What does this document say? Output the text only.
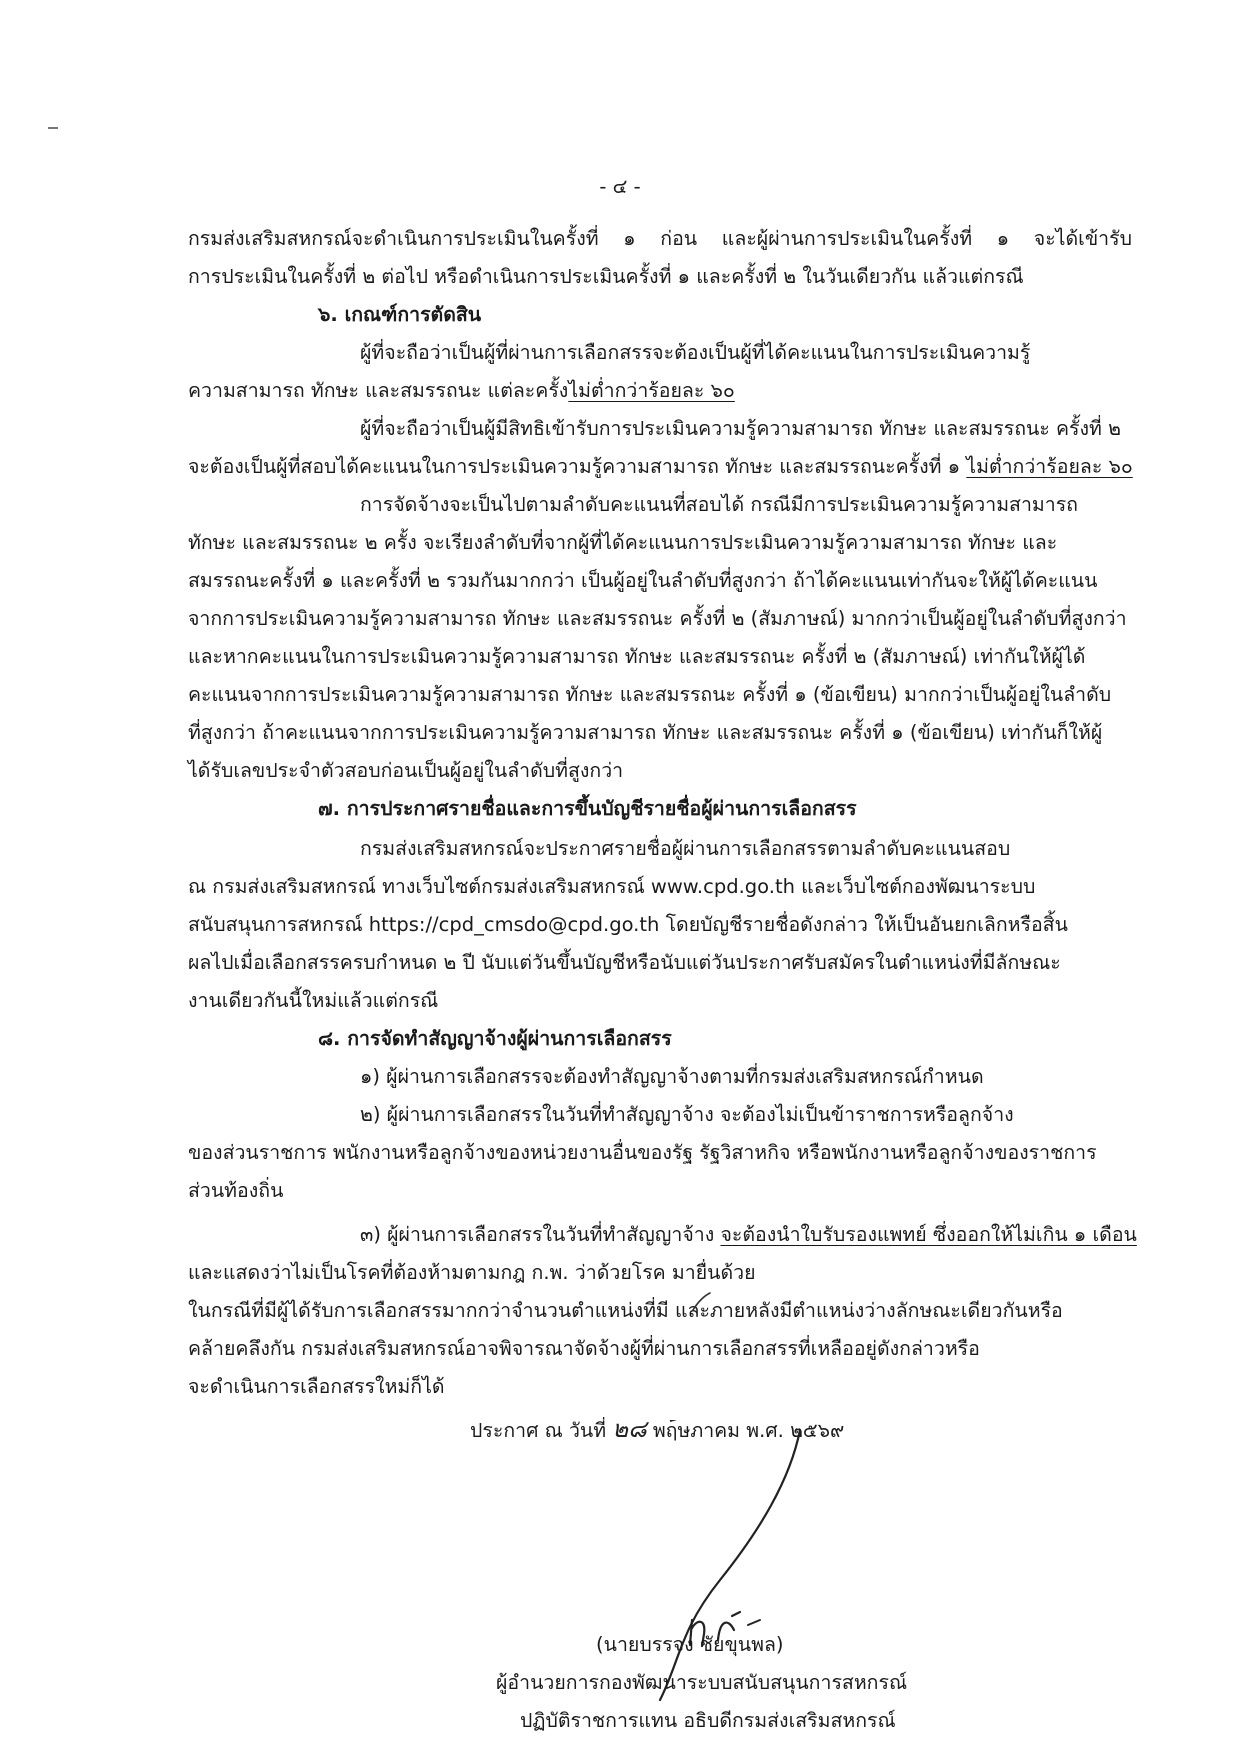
- ๔ -
กรมส่งเสริมสหกรณ์จะดำเนินการประเมินในครั้งที่ ๑ ก่อน และผู้ผ่านการประเมินในครั้งที่ ๑ จะได้เข้ารับ
การประเมินในครั้งที่ ๒ ต่อไป หรือดำเนินการประเมินครั้งที่ ๑ และครั้งที่ ๒ ในวันเดียวกัน แล้วแต่กรณี
๖. เกณฑ์การตัดสิน
ผู้ที่จะถือว่าเป็นผู้ที่ผ่านการเลือกสรรจะต้องเป็นผู้ที่ได้คะแนนในการประเมินความรู้
ความสามารถ ทักษะ และสมรรถนะ แต่ละครั้งไม่ต่ำกว่าร้อยละ ๖๐
ผู้ที่จะถือว่าเป็นผู้มีสิทธิเข้ารับการประเมินความรู้ความสามารถ ทักษะ และสมรรถนะ ครั้งที่ ๒
จะต้องเป็นผู้ที่สอบได้คะแนนในการประเมินความรู้ความสามารถ ทักษะ และสมรรถนะครั้งที่ ๑ ไม่ต่ำกว่าร้อยละ ๖๐
การจัดจ้างจะเป็นไปตามลำดับคะแนนที่สอบได้ กรณีมีการประเมินความรู้ความสามารถ
ทักษะ และสมรรถนะ ๒ ครั้ง จะเรียงลำดับที่จากผู้ที่ได้คะแนนการประเมินความรู้ความสามารถ ทักษะ และ
สมรรถนะครั้งที่ ๑ และครั้งที่ ๒ รวมกันมากกว่า เป็นผู้อยู่ในลำดับที่สูงกว่า ถ้าได้คะแนนเท่ากันจะให้ผู้ได้คะแนน
จากการประเมินความรู้ความสามารถ ทักษะ และสมรรถนะ ครั้งที่ ๒ (สัมภาษณ์) มากกว่าเป็นผู้อยู่ในลำดับที่สูงกว่า
และหากคะแนนในการประเมินความรู้ความสามารถ ทักษะ และสมรรถนะ ครั้งที่ ๒ (สัมภาษณ์) เท่ากันให้ผู้ได้
คะแนนจากการประเมินความรู้ความสามารถ ทักษะ และสมรรถนะ ครั้งที่ ๑ (ข้อเขียน) มากกว่าเป็นผู้อยู่ในลำดับ
ที่สูงกว่า ถ้าคะแนนจากการประเมินความรู้ความสามารถ ทักษะ และสมรรถนะ ครั้งที่ ๑ (ข้อเขียน) เท่ากันก็ให้ผู้
ได้รับเลขประจำตัวสอบก่อนเป็นผู้อยู่ในลำดับที่สูงกว่า
๗. การประกาศรายชื่อและการขึ้นบัญชีรายชื่อผู้ผ่านการเลือกสรร
กรมส่งเสริมสหกรณ์จะประกาศรายชื่อผู้ผ่านการเลือกสรรตามลำดับคะแนนสอบ
ณ กรมส่งเสริมสหกรณ์ ทางเว็บไซต์กรมส่งเสริมสหกรณ์ www.cpd.go.th และเว็บไซต์กองพัฒนาระบบ
สนับสนุนการสหกรณ์ https://cpd_cmsdo@cpd.go.th โดยบัญชีรายชื่อดังกล่าว ให้เป็นอันยกเลิกหรือสิ้น
ผลไปเมื่อเลือกสรรครบกำหนด ๒ ปี นับแต่วันขึ้นบัญชีหรือนับแต่วันประกาศรับสมัครในตำแหน่งที่มีลักษณะ
งานเดียวกันนี้ใหม่แล้วแต่กรณี
๘. การจัดทำสัญญาจ้างผู้ผ่านการเลือกสรร
๑) ผู้ผ่านการเลือกสรรจะต้องทำสัญญาจ้างตามที่กรมส่งเสริมสหกรณ์กำหนด
๒) ผู้ผ่านการเลือกสรรในวันที่ทำสัญญาจ้าง จะต้องไม่เป็นข้าราชการหรือลูกจ้าง
ของส่วนราชการ พนักงานหรือลูกจ้างของหน่วยงานอื่นของรัฐ รัฐวิสาหกิจ หรือพนักงานหรือลูกจ้างของราชการ
ส่วนท้องถิ่น
๓) ผู้ผ่านการเลือกสรรในวันที่ทำสัญญาจ้าง จะต้องนำใบรับรองแพทย์ ซึ่งออกให้ไม่เกิน ๑ เดือน
และแสดงว่าไม่เป็นโรคที่ต้องห้ามตามกฎ ก.พ. ว่าด้วยโรค มายื่นด้วย
ในกรณีที่มีผู้ได้รับการเลือกสรรมากกว่าจำนวนตำแหน่งที่มี และภายหลังมีตำแหน่งว่างลักษณะเดียวกันหรือ
คล้ายคลึงกัน กรมส่งเสริมสหกรณ์อาจพิจารณาจัดจ้างผู้ที่ผ่านการเลือกสรรที่เหลืออยู่ดังกล่าวหรือ
จะดำเนินการเลือกสรรใหม่ก็ได้
ประกาศ ณ วันที่ ๒๘ พฤษภาคม พ.ศ. ๒๕๖๙
(นายบรรจง ชัยขุนพล)
ผู้อำนวยการกองพัฒนาระบบสนับสนุนการสหกรณ์
ปฏิบัติราชการแทน อธิบดีกรมส่งเสริมสหกรณ์
